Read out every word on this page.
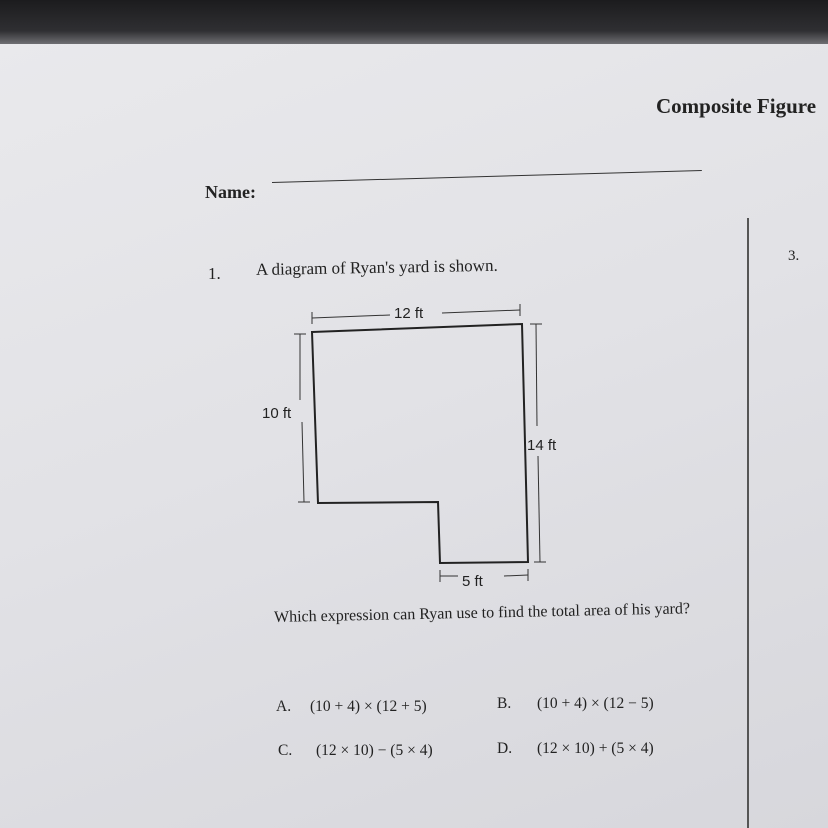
Composite Figure
Name:
3.
1. A diagram of Ryan's yard is shown.
12 ft
10 ft
14 ft
5 ft
Which expression can Ryan use to find the total area of his yard?
A. (10 + 4) × (12 + 5)	B. (10 + 4) × (12 − 5)
C. (12 × 10) − (5 × 4)	D. (12 × 10) + (5 × 4)
